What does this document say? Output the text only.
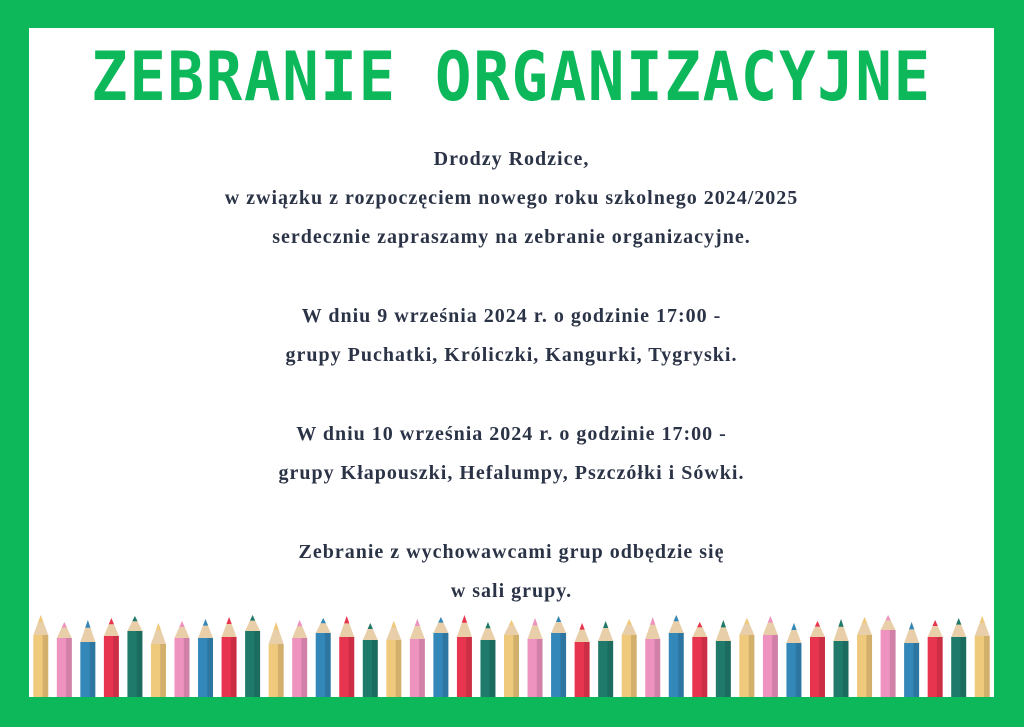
ZEBRANIE ORGANIZACYJNE

Drodzy Rodzice,

w związku z rozpoczęciem nowego roku szkolnego 2024/2025

serdecznie zapraszamy na zebranie organizacyjne.

W dniu 9 września 2024 r. o godzinie 17:00 -

grupy Puchatki, Króliczki, Kangurki, Tygryski.

W dniu 10 września 2024 r. o godzinie 17:00 -

grupy Kłapouszki, Hefalumpy, Pszczółki i Sówki.

Zebranie z wychowawcami grup odbędzie się

w sali grupy.
